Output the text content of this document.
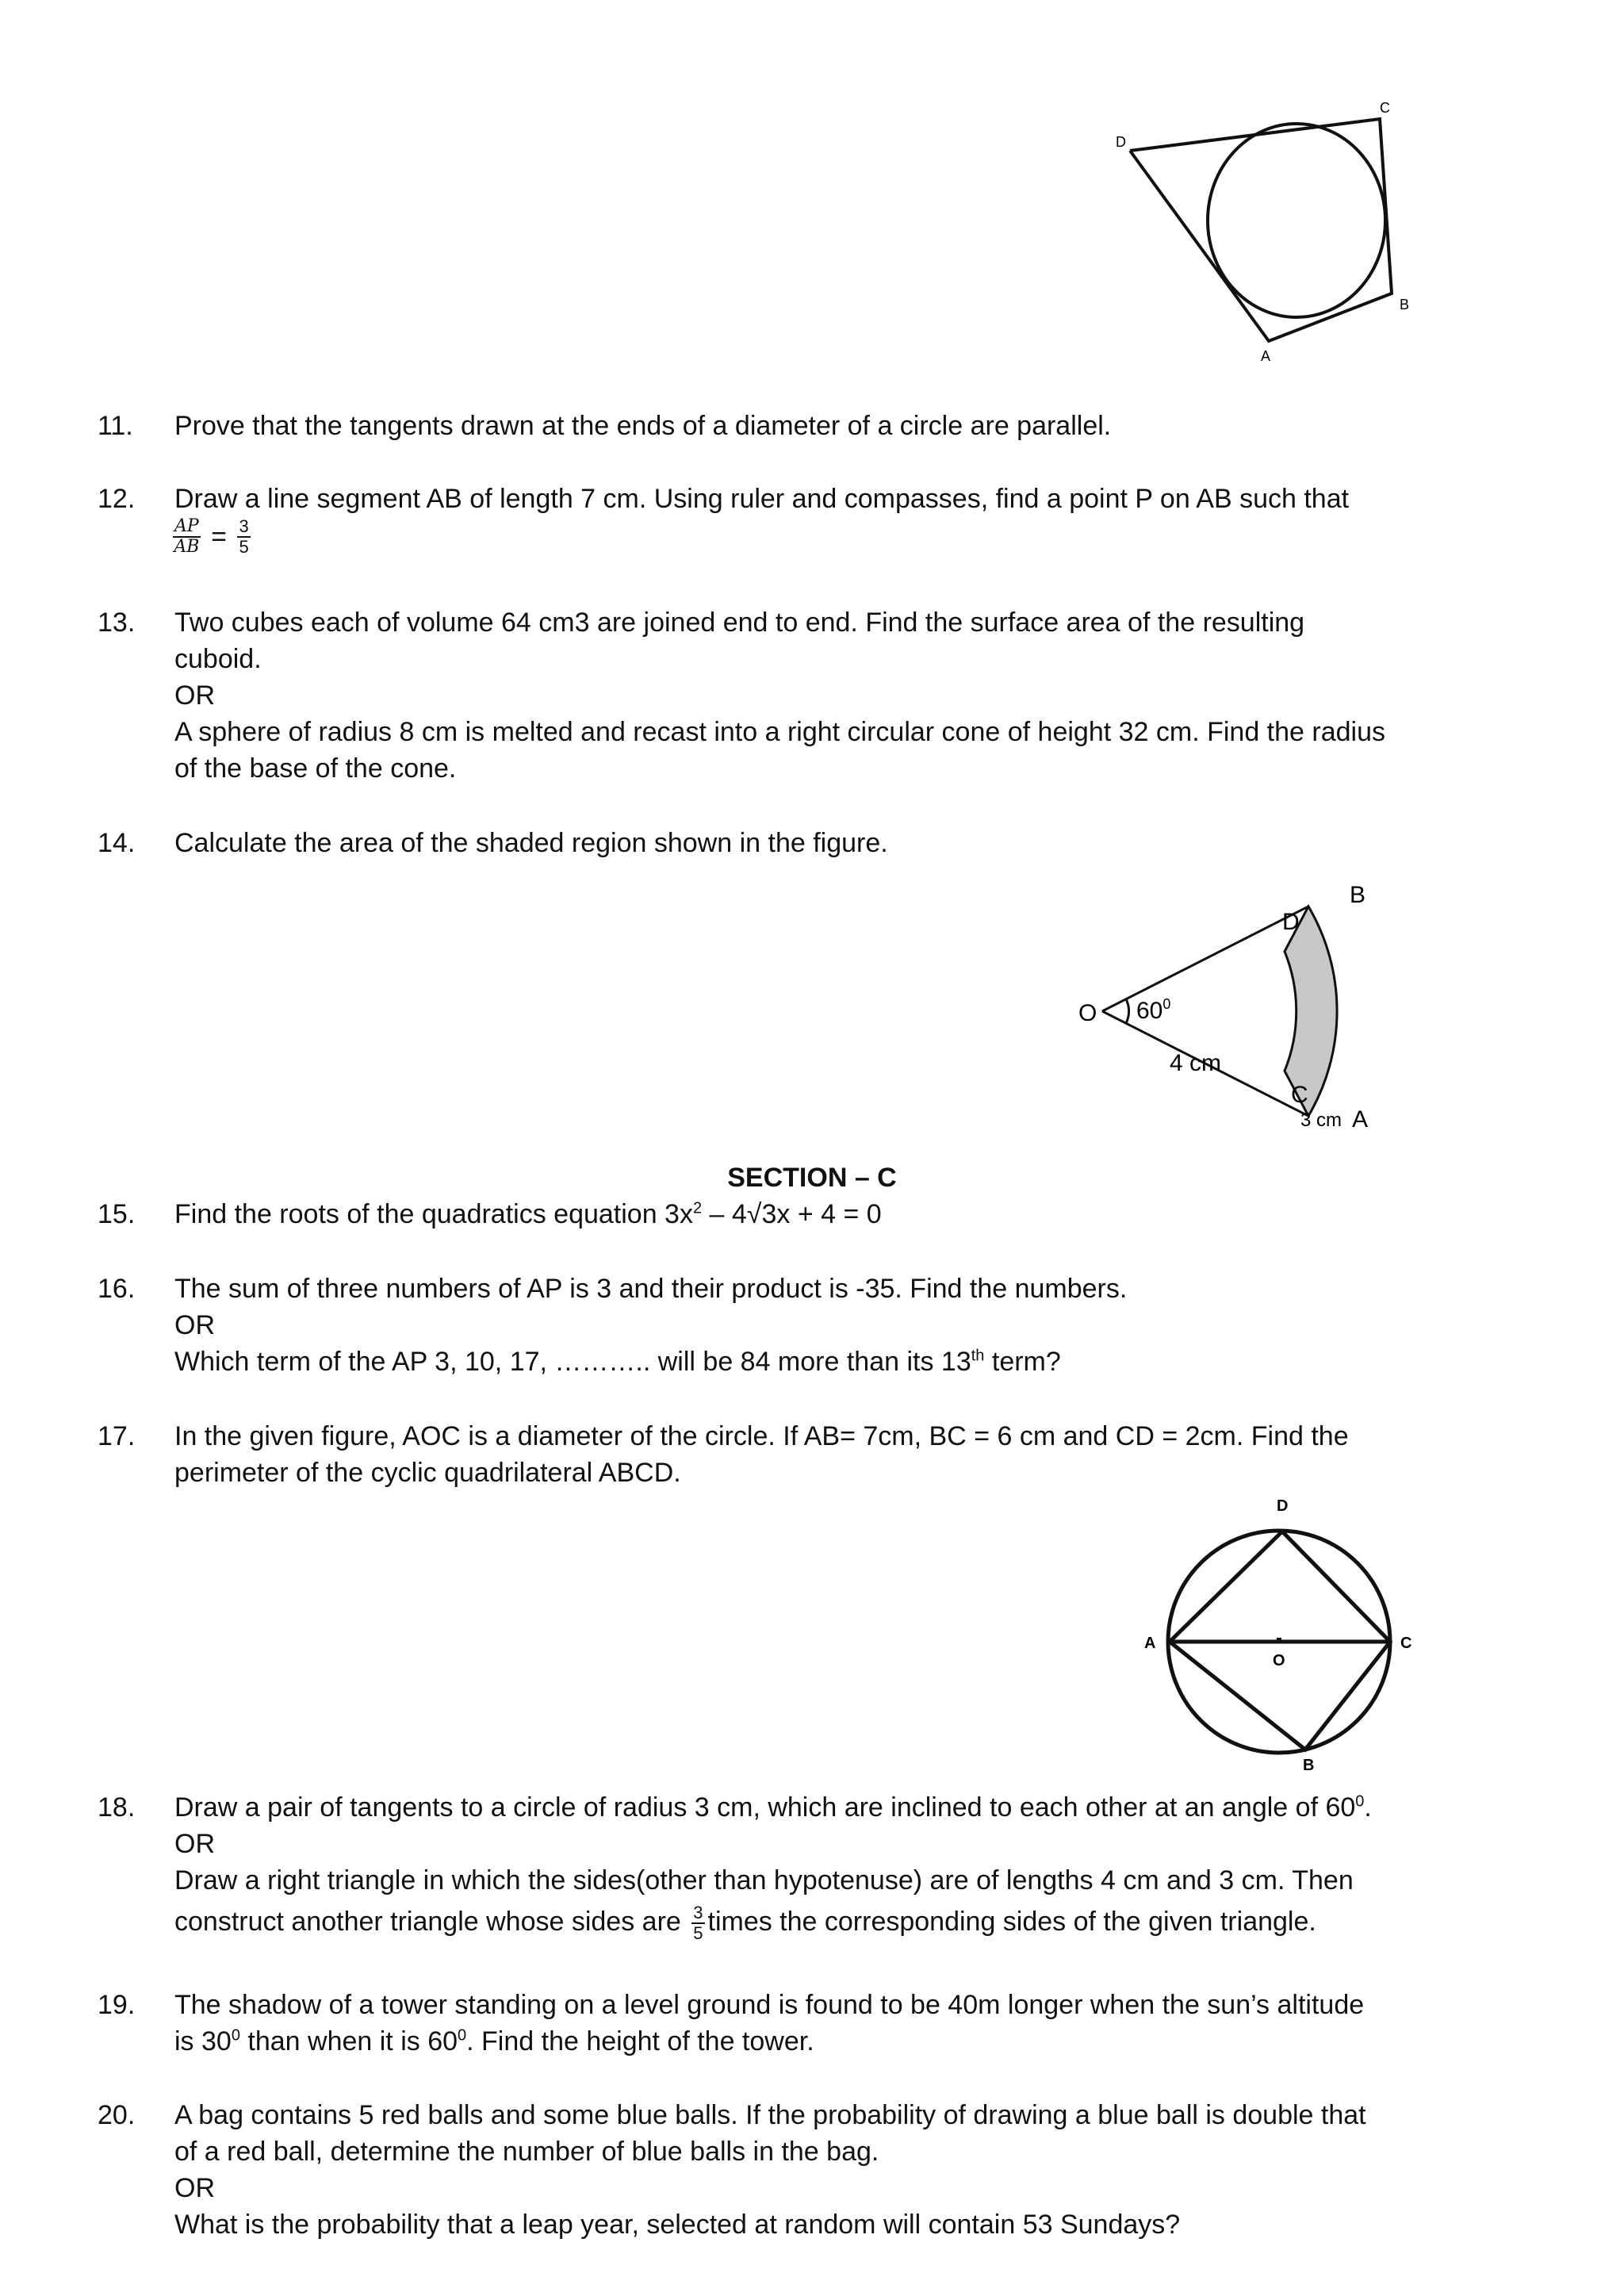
D
C
B
A
11. Prove that the tangents drawn at the ends of a diameter of a circle are parallel.
12. Draw a line segment AB of length 7 cm. Using ruler and compasses, find a point P on AB such that
$\frac{AP}{AB} = \frac{3}{5}$
13. Two cubes each of volume 64 cm3 are joined end to end. Find the surface area of the resulting
cuboid.
OR
A sphere of radius 8 cm is melted and recast into a right circular cone of height 32 cm. Find the radius
of the base of the cone.
14. Calculate the area of the shaded region shown in the figure.
O $60^0$
D
B
4 cm
C
3 cm A
SECTION – C
15. Find the roots of the quadratics equation $3x^2 - 4√3x + 4 = 0$
16. The sum of three numbers of AP is 3 and their product is -35. Find the numbers.
OR
Which term of the AP 3, 10, 17, ……….. will be 84 more than its 13th term?
17. In the given figure, AOC is a diameter of the circle. If AB= 7cm, BC = 6 cm and CD = 2cm. Find the
perimeter of the cyclic quadrilateral ABCD.
D
A
O
C
B
18. Draw a pair of tangents to a circle of radius 3 cm, which are inclined to each other at an angle of $60^0$.
OR
Draw a right triangle in which the sides(other than hypotenuse) are of lengths 4 cm and 3 cm. Then
construct another triangle whose sides are $\frac{3}{5}$ times the corresponding sides of the given triangle.
19. The shadow of a tower standing on a level ground is found to be 40m longer when the sun’s altitude
is $30^0$ than when it is $60^0$. Find the height of the tower.
20. A bag contains 5 red balls and some blue balls. If the probability of drawing a blue ball is double that
of a red ball, determine the number of blue balls in the bag.
OR
What is the probability that a leap year, selected at random will contain 53 Sundays?
